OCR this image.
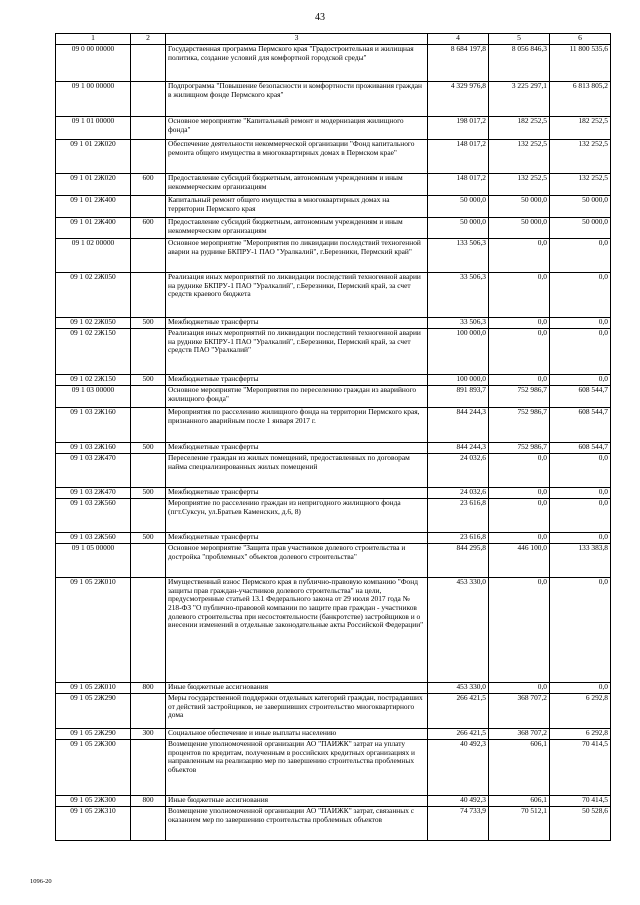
43
1	2	3	4	5	6
09 0 00 00000		Государственная программа Пермского края "Градостроительная и жилищная политика, создание условий для комфортной городской среды"	8 684 197,8	8 056 846,3	11 800 535,6
09 1 00 00000		Подпрограмма "Повышение безопасности и комфортности проживания граждан в жилищном фонде Пермского края"	4 329 976,8	3 225 297,1	6 813 805,2
09 1 01 00000		Основное мероприятие "Капитальный ремонт и модернизация жилищного фонда"	198 017,2	182 252,5	182 252,5
09 1 01 2Ж020		Обеспечение деятельности некоммерческой организации "Фонд капитального ремонта общего имущества в многоквартирных домах в Пермском крае"	148 017,2	132 252,5	132 252,5
09 1 01 2Ж020	600	Предоставление субсидий бюджетным, автономным учреждениям и иным некоммерческим организациям	148 017,2	132 252,5	132 252,5
09 1 01 2Ж400		Капитальный ремонт общего имущества в многоквартирных домах на территории Пермского края	50 000,0	50 000,0	50 000,0
09 1 01 2Ж400	600	Предоставление субсидий бюджетным, автономным учреждениям и иным некоммерческим организациям	50 000,0	50 000,0	50 000,0
09 1 02 00000		Основное мероприятие "Мероприятия по ликвидации последствий техногенной аварии на руднике БКПРУ-1 ПАО "Уралкалий", г.Березники, Пермский край"	133 506,3	0,0	0,0
09 1 02 2Ж050		Реализация иных мероприятий по ликвидации последствий техногенной аварии на руднике БКПРУ-1 ПАО "Уралкалий", г.Березники, Пермский край, за счет средств краевого бюджета	33 506,3	0,0	0,0
09 1 02 2Ж050	500	Межбюджетные трансферты	33 506,3	0,0	0,0
09 1 02 2Ж150		Реализация иных мероприятий по ликвидации последствий техногенной аварии на руднике БКПРУ-1 ПАО "Уралкалий", г.Березники, Пермский край, за счет средств ПАО "Уралкалий"	100 000,0	0,0	0,0
09 1 02 2Ж150	500	Межбюджетные трансферты	100 000,0	0,0	0,0
09 1 03 00000		Основное мероприятие "Мероприятия по переселению граждан из аварийного жилищного фонда"	891 893,7	752 986,7	608 544,7
09 1 03 2Ж160		Мероприятия по расселению жилищного фонда на территории Пермского края, признанного аварийным после 1 января 2017 г.	844 244,3	752 986,7	608 544,7
09 1 03 2Ж160	500	Межбюджетные трансферты	844 244,3	752 986,7	608 544,7
09 1 03 2Ж470		Переселение граждан из жилых помещений, предоставленных по договорам найма специализированных жилых помещений	24 032,6	0,0	0,0
09 1 03 2Ж470	500	Межбюджетные трансферты	24 032,6	0,0	0,0
09 1 03 2Ж560		Мероприятие по расселению граждан из непригодного жилищного фонда (пгт.Суксун, ул.Братьев Каменских, д.6, 8)	23 616,8	0,0	0,0
09 1 03 2Ж560	500	Межбюджетные трансферты	23 616,8	0,0	0,0
09 1 05 00000		Основное мероприятие "Защита прав участников долевого строительства и достройка "проблемных" объектов долевого строительства"	844 295,8	446 100,0	133 383,8
09 1 05 2Ж010		Имущественный взнос Пермского края в публично-правовую компанию "Фонд защиты прав граждан-участников долевого строительства" на цели, предусмотренные статьей 13.1 Федерального закона от 29 июля 2017 года № 218-ФЗ "О публично-правовой компании по защите прав граждан - участников долевого строительства при несостоятельности (банкротстве) застройщиков и о внесении изменений в отдельные законодательные акты Российской Федерации"	453 330,0	0,0	0,0
09 1 05 2Ж010	800	Иные бюджетные ассигнования	453 330,0	0,0	0,0
09 1 05 2Ж290		Меры государственной поддержки отдельных категорий граждан, пострадавших от действий застройщиков, не завершивших строительство многоквартирного дома	266 421,5	368 707,2	6 292,8
09 1 05 2Ж290	300	Социальное обеспечение и иные выплаты населению	266 421,5	368 707,2	6 292,8
09 1 05 2Ж300		Возмещение уполномоченной организации АО "ПАИЖК" затрат на уплату процентов по кредитам, полученным в российских кредитных организациях и направленным на реализацию мер по завершению строительства проблемных объектов	40 492,3	606,1	70 414,5
09 1 05 2Ж300	800	Иные бюджетные ассигнования	40 492,3	606,1	70 414,5
09 1 05 2Ж310		Возмещение уполномоченной организации АО "ПАИЖК" затрат, связанных с оказанием мер по завершению строительства проблемных объектов	74 733,9	70 512,1	50 528,6
1096-20
